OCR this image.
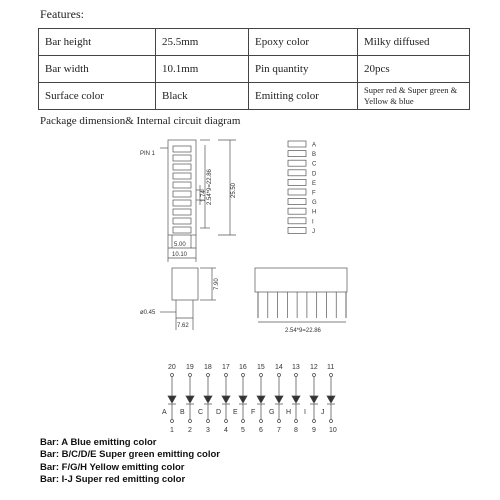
Features:
Bar height	25.5mm	Epoxy color	Milky diffused
Bar width	10.1mm	Pin quantity	20pcs
Surface color	Black	Emitting color	Super red & Super green & Yellow & blue
Package dimension& Internal circuit diagram
PIN 1
2.54*9=22.86	25.50
1.74
5.00
10.10
7.90
ø0.45
7.62
2.54*9=22.86
A
B
C
D
E
F
G
H
I
J
20
A
1
19
B
2
18
C
3
17
D
4
16
E
5
15
F
6
14
G
7
13
H
8
12
I
9
11
J
10
Bar: A Blue emitting color
Bar: B/C/D/E Super green emitting color
Bar: F/G/H Yellow emitting color
Bar: I-J Super red emitting color
